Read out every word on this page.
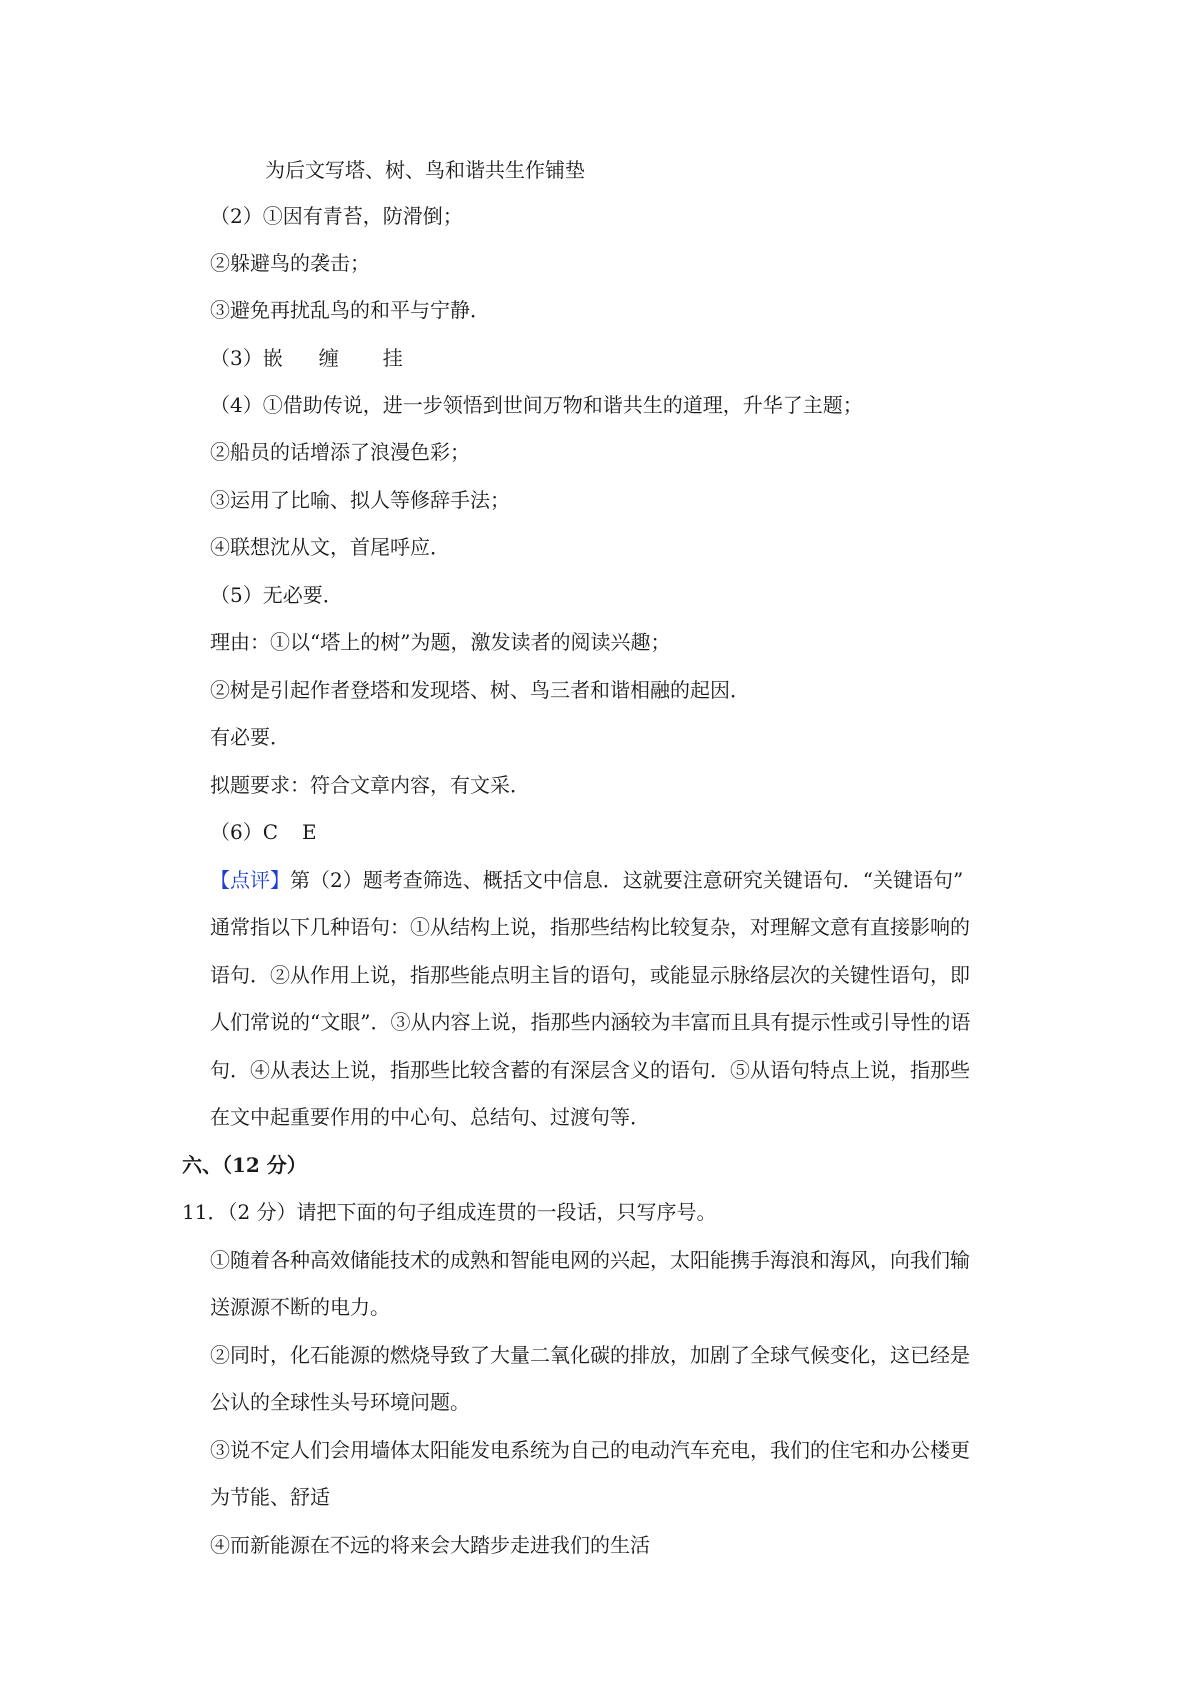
为后文写塔、树、鸟和谐共生作铺垫
（2）①因有青苔，防滑倒；
②躲避鸟的袭击；
③避免再扰乱鸟的和平与宁静．
（3）嵌 缠 挂
（4）①借助传说，进一步领悟到世间万物和谐共生的道理，升华了主题；
②船员的话增添了浪漫色彩；
③运用了比喻、拟人等修辞手法；
④联想沈从文，首尾呼应．
（5）无必要．
理由：①以“塔上的树”为题，激发读者的阅读兴趣；
②树是引起作者登塔和发现塔、树、鸟三者和谐相融的起因．
有必要．
拟题要求：符合文章内容，有文采．
（6）C E
【点评】第（2）题考查筛选、概括文中信息．这就要注意研究关键语句．“关键语句”
通常指以下几种语句：①从结构上说，指那些结构比较复杂，对理解文意有直接影响的
语句．②从作用上说，指那些能点明主旨的语句，或能显示脉络层次的关键性语句，即
人们常说的“文眼”．③从内容上说，指那些内涵较为丰富而且具有提示性或引导性的语
句．④从表达上说，指那些比较含蓄的有深层含义的语句．⑤从语句特点上说，指那些
在文中起重要作用的中心句、总结句、过渡句等．
六、（12 分）
11．（2 分）请把下面的句子组成连贯的一段话，只写序号。
①随着各种高效储能技术的成熟和智能电网的兴起，太阳能携手海浪和海风，向我们输
送源源不断的电力。
②同时，化石能源的燃烧导致了大量二氧化碳的排放，加剧了全球气候变化，这已经是
公认的全球性头号环境问题。
③说不定人们会用墙体太阳能发电系统为自己的电动汽车充电，我们的住宅和办公楼更
为节能、舒适
④而新能源在不远的将来会大踏步走进我们的生活
